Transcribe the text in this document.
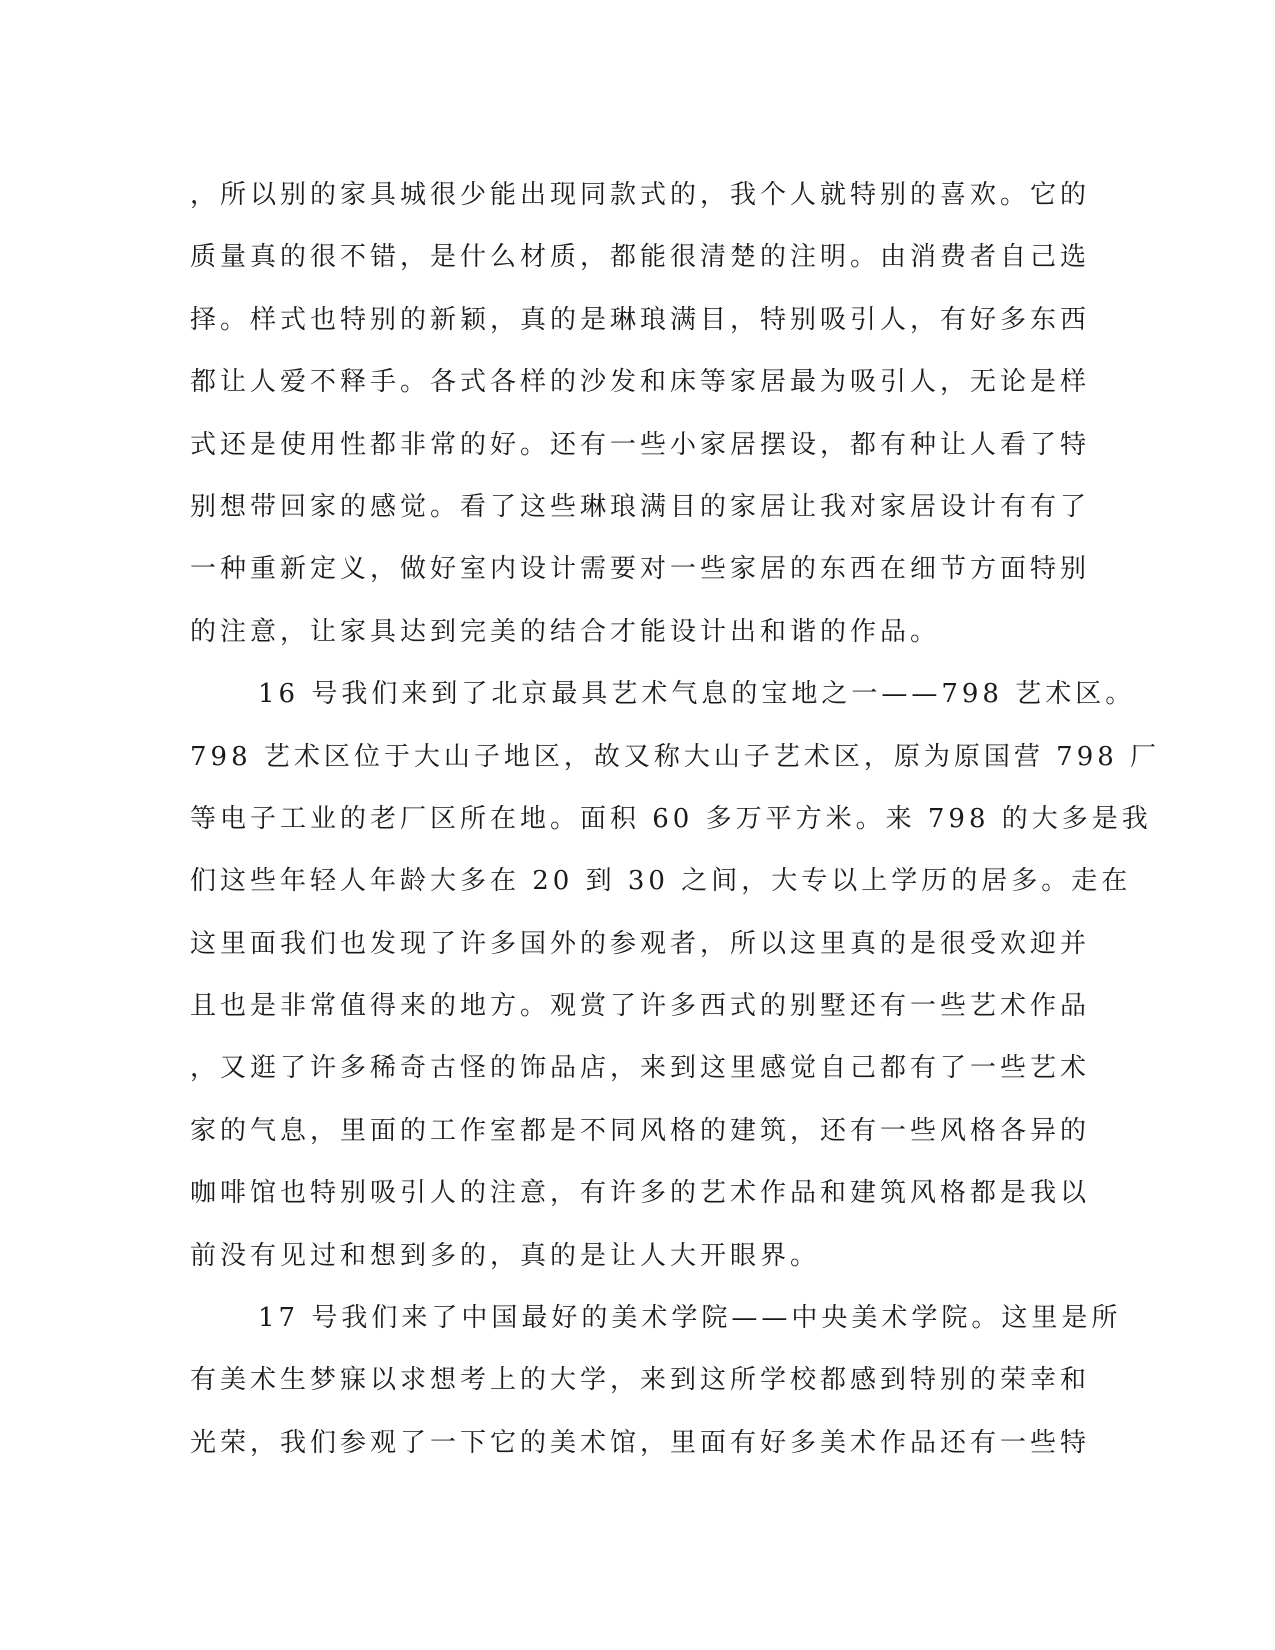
，所以别的家具城很少能出现同款式的，我个人就特别的喜欢。它的
质量真的很不错，是什么材质，都能很清楚的注明。由消费者自己选
择。样式也特别的新颖，真的是琳琅满目，特别吸引人，有好多东西
都让人爱不释手。各式各样的沙发和床等家居最为吸引人，无论是样
式还是使用性都非常的好。还有一些小家居摆设，都有种让人看了特
别想带回家的感觉。看了这些琳琅满目的家居让我对家居设计有有了
一种重新定义，做好室内设计需要对一些家居的东西在细节方面特别
的注意，让家具达到完美的结合才能设计出和谐的作品。
16 号我们来到了北京最具艺术气息的宝地之一——798 艺术区。
798 艺术区位于大山子地区，故又称大山子艺术区，原为原国营 798 厂
等电子工业的老厂区所在地。面积 60 多万平方米。来 798 的大多是我
们这些年轻人年龄大多在 20 到 30 之间，大专以上学历的居多。走在
这里面我们也发现了许多国外的参观者，所以这里真的是很受欢迎并
且也是非常值得来的地方。观赏了许多西式的别墅还有一些艺术作品
，又逛了许多稀奇古怪的饰品店，来到这里感觉自己都有了一些艺术
家的气息，里面的工作室都是不同风格的建筑，还有一些风格各异的
咖啡馆也特别吸引人的注意，有许多的艺术作品和建筑风格都是我以
前没有见过和想到多的，真的是让人大开眼界。
17 号我们来了中国最好的美术学院——中央美术学院。这里是所
有美术生梦寐以求想考上的大学，来到这所学校都感到特别的荣幸和
光荣，我们参观了一下它的美术馆，里面有好多美术作品还有一些特
